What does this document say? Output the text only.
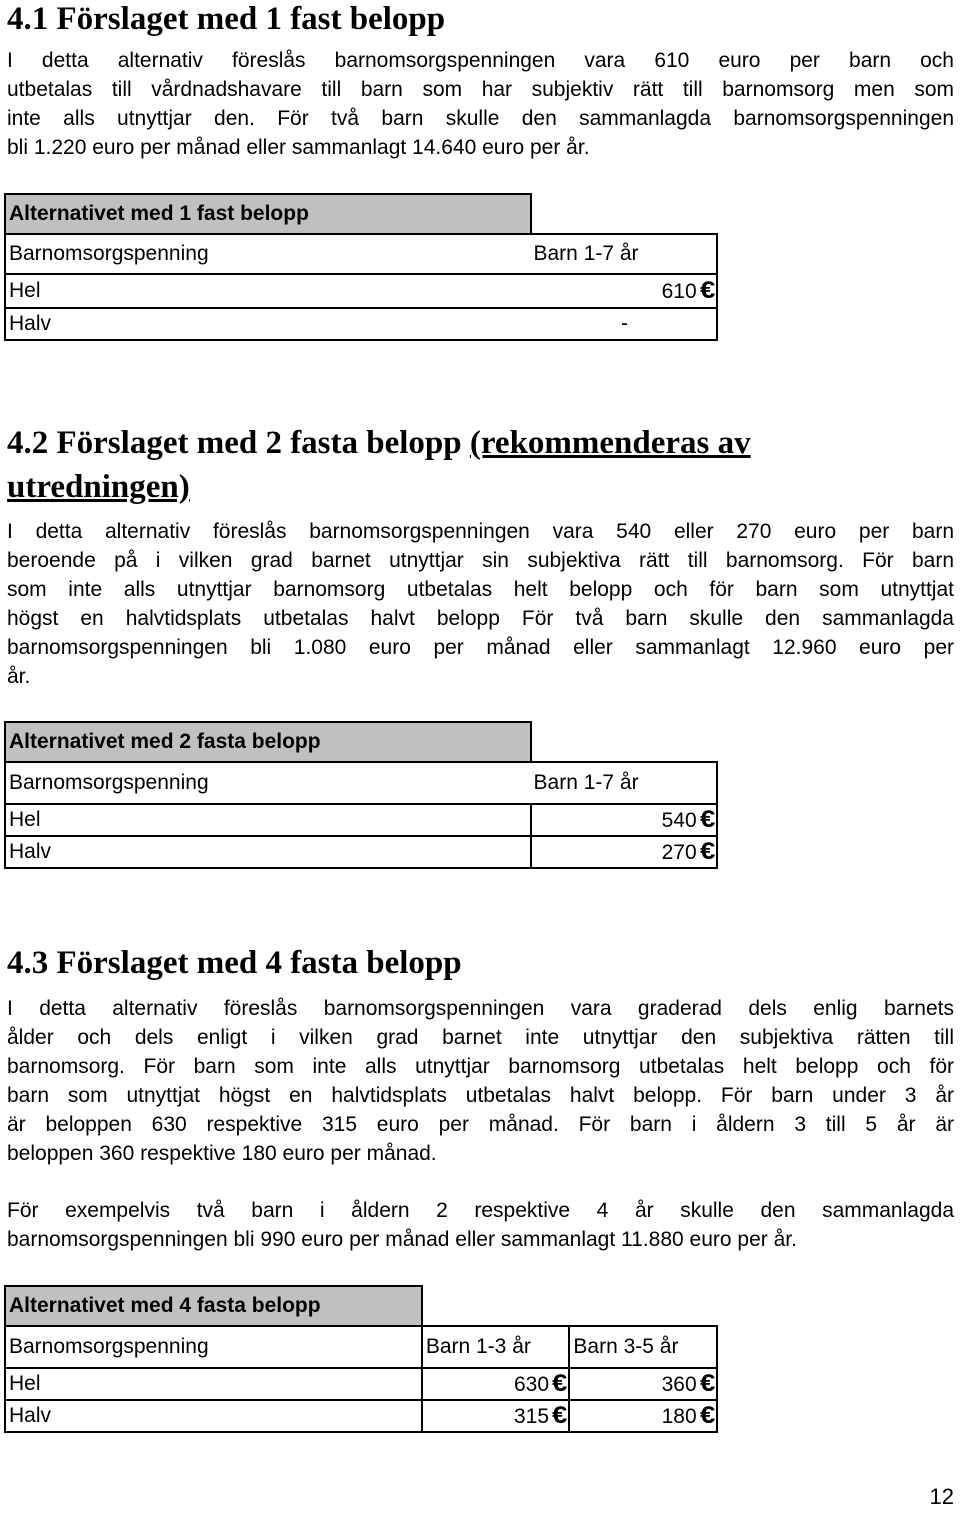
4.1 Förslaget med 1 fast belopp
I detta alternativ föreslås barnomsorgspenningen vara 610 euro per barn och
utbetalas till vårdnadshavare till barn som har subjektiv rätt till barnomsorg men som
inte alls utnyttjar den. För två barn skulle den sammanlagda barnomsorgspenningen
bli 1.220 euro per månad eller sammanlagt 14.640 euro per år.
Alternativet med 1 fast belopp	
Barnomsorgspenning	Barn 1-7 år
Hel	610 €
Halv	-
4.2 Förslaget med 2 fasta belopp (rekommenderas av
utredningen)
I detta alternativ föreslås barnomsorgspenningen vara 540 eller 270 euro per barn
beroende på i vilken grad barnet utnyttjar sin subjektiva rätt till barnomsorg. För barn
som inte alls utnyttjar barnomsorg utbetalas helt belopp och för barn som utnyttjat
högst en halvtidsplats utbetalas halvt belopp För två barn skulle den sammanlagda
barnomsorgspenningen bli 1.080 euro per månad eller sammanlagt 12.960 euro per
år.
Alternativet med 2 fasta belopp	
Barnomsorgspenning	Barn 1-7 år
Hel	540 €
Halv	270 €
4.3 Förslaget med 4 fasta belopp
I detta alternativ föreslås barnomsorgspenningen vara graderad dels enlig barnets
ålder och dels enligt i vilken grad barnet inte utnyttjar den subjektiva rätten till
barnomsorg. För barn som inte alls utnyttjar barnomsorg utbetalas helt belopp och för
barn som utnyttjat högst en halvtidsplats utbetalas halvt belopp. För barn under 3 år
är beloppen 630 respektive 315 euro per månad. För barn i åldern 3 till 5 år är
beloppen 360 respektive 180 euro per månad.
För exempelvis två barn i åldern 2 respektive 4 år skulle den sammanlagda
barnomsorgspenningen bli 990 euro per månad eller sammanlagt 11.880 euro per år.
Alternativet med 4 fasta belopp		
Barnomsorgspenning	Barn 1-3 år	Barn 3-5 år
Hel	630 €	360 €
Halv	315 €	180 €
12
